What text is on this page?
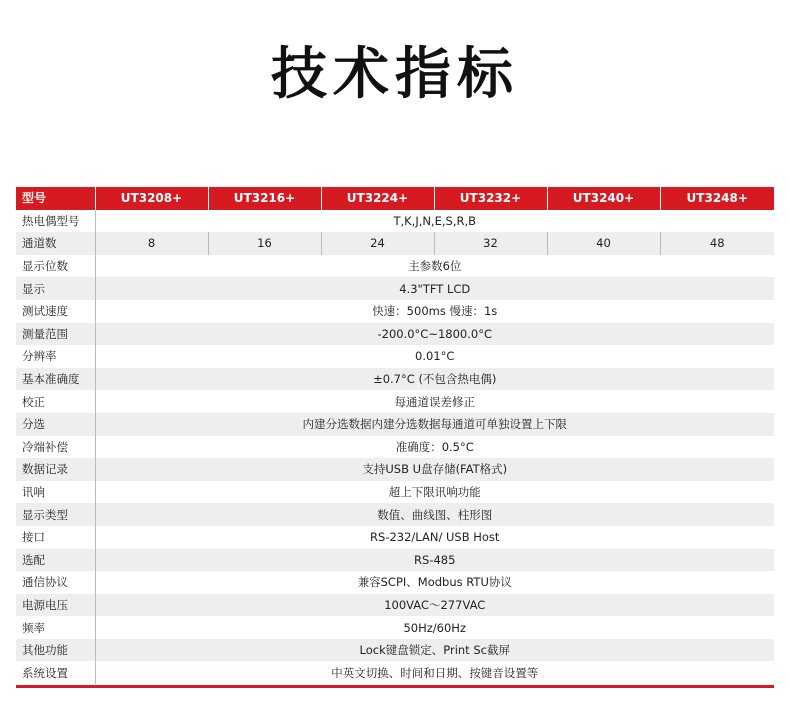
技术指标
型号	UT3208+	UT3216+	UT3224+	UT3232+	UT3240+	UT3248+
热电偶型号	T,K,J,N,E,S,R,B					
通道数	8	16	24	32	40	48
显示位数	主参数6位					
显示	4.3"TFT LCD					
测试速度	快速：500ms 慢速：1s					
测量范围	-200.0°C~1800.0°C					
分辨率	0.01°C					
基本准确度	±0.7°C (不包含热电偶)					
校正	每通道误差修正					
分选	内建分选数据内建分选数据每通道可单独设置上下限					
冷端补偿	准确度：0.5°C					
数据记录	支持USB U盘存储(FAT格式)					
讯响	超上下限讯响功能					
显示类型	数值、曲线图、柱形图					
接口	RS-232/LAN/ USB Host					
选配	RS-485					
通信协议	兼容SCPI、Modbus RTU协议					
电源电压	100VAC～277VAC					
频率	50Hz/60Hz					
其他功能	Lock键盘锁定、Print Sc截屏					
系统设置	中英文切换、时间和日期、按键音设置等					
